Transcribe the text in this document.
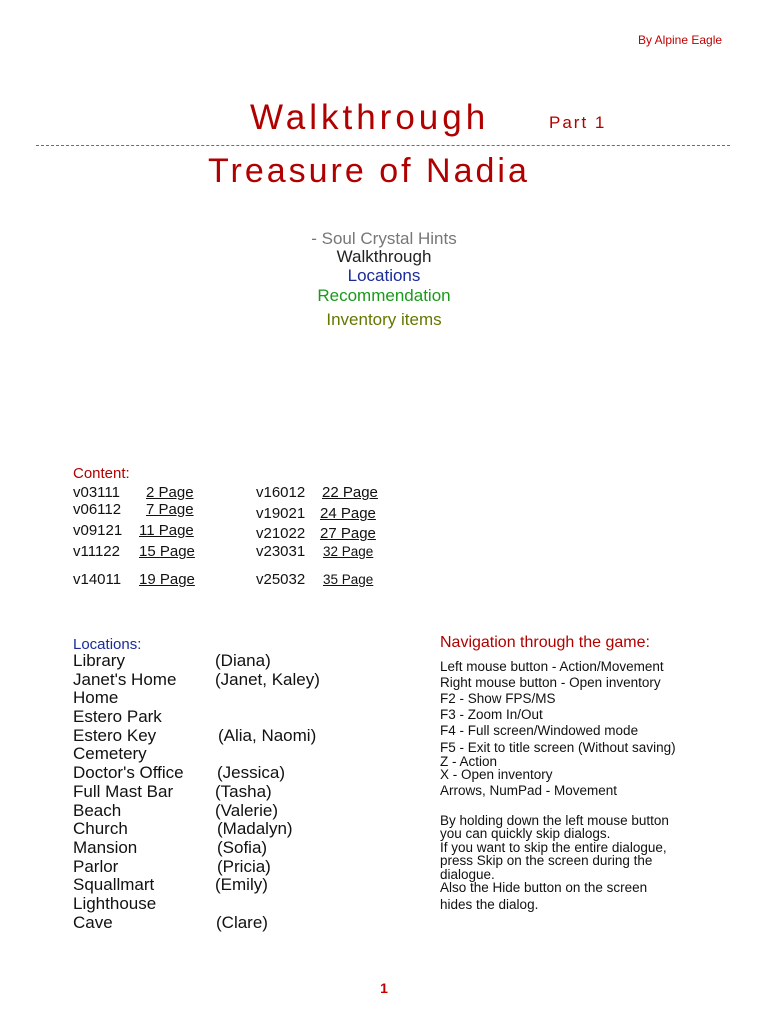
By Alpine Eagle
Walkthrough	Part 1
Treasure of Nadia
- Soul Crystal Hints
Walkthrough
Locations
Recommendation
Inventory items
Content:
v03111 2 Page
v06112 7 Page
v09121 11 Page
v11122 15 Page
v14011 19 Page
v16012 22 Page
v19021 24 Page
v21022 27 Page
v23031 32 Page
v25032 35 Page
Locations:
Library	(Diana)
Janet's Home (Janet, Kaley)
Home
Estero Park
Estero Key	(Alia, Naomi)
Cemetery
Doctor's Office (Jessica)
Full Mast Bar (Tasha)
Beach	(Valerie)
Church	(Madalyn)
Mansion	(Sofia)
Parlor	(Pricia)
Squallmart	(Emily)
Lighthouse
Cave	(Clare)
Navigation through the game:
Left mouse button - Action/Movement
Right mouse button - Open inventory
F2 - Show FPS/MS
F3 - Zoom In/Out
F4 - Full screen/Windowed mode
F5 - Exit to title screen (Without saving)
Z - Action
X - Open inventory
Arrows, NumPad - Movement
By holding down the left mouse button
you can quickly skip dialogs.
If you want to skip the entire dialogue,
press Skip on the screen during the
dialogue.
Also the Hide button on the screen
hides the dialog.
1
